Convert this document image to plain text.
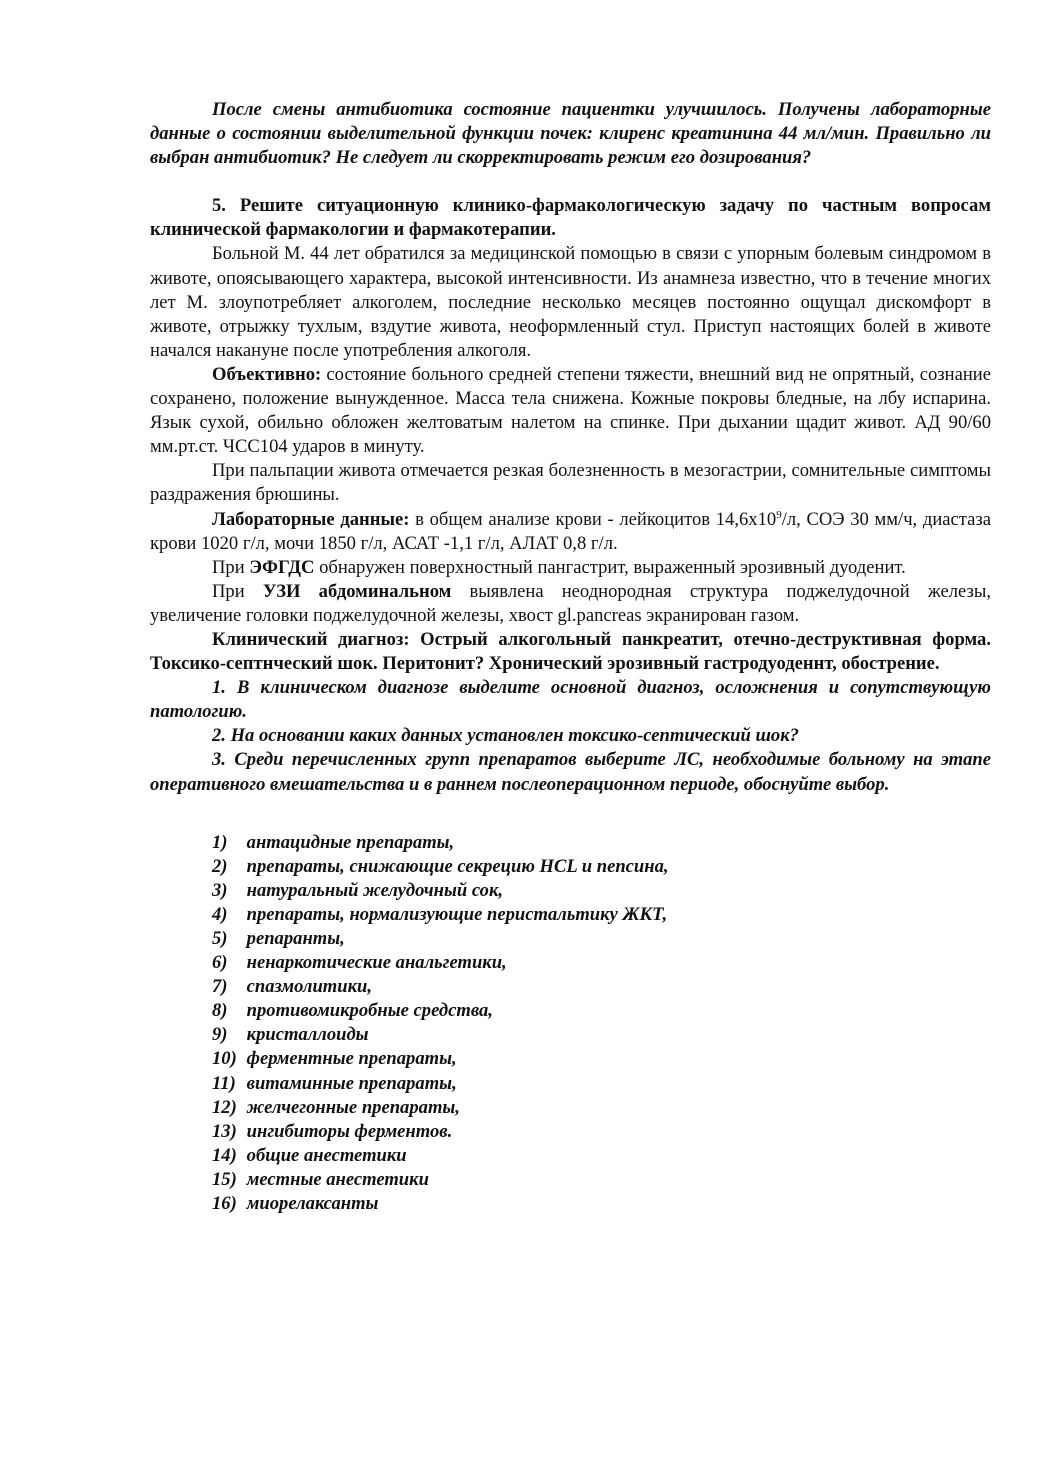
После смены антибиотика состояние пациентки улучшилось. Получены лабораторные данные о состоянии выделительной функции почек: клиренс креатинина 44 мл/мин. Правильно ли выбран антибиотик? Не следует ли скорректировать режим его дозирования?

5. Решите ситуационную клинико-фармакологическую задачу по частным вопросам клинической фармакологии и фармакотерапии.

Больной М. 44 лет обратился за медицинской помощью в связи с упорным болевым синдромом в животе, опоясывающего характера, высокой интенсивности. Из анамнеза известно, что в течение многих лет М. злоупотребляет алкоголем, последние несколько месяцев постоянно ощущал дискомфорт в животе, отрыжку тухлым, вздутие живота, неоформленный стул. Приступ настоящих болей в животе начался накануне после употребления алкоголя.

Объективно: состояние больного средней степени тяжести, внешний вид не опрятный, сознание сохранено, положение вынужденное. Масса тела снижена. Кожные покровы бледные, на лбу испарина. Язык сухой, обильно обложен желтоватым налетом на спинке. При дыхании щадит живот. АД 90/60 мм.рт.ст. ЧСС104 ударов в минуту.

При пальпации живота отмечается резкая болезненность в мезогастрии, сомнительные симптомы раздражения брюшины.

Лабораторные данные: в общем анализе крови - лейкоцитов $14,6х10^9/л$, СОЭ 30 мм/ч, диастаза крови 1020 г/л, мочи 1850 г/л, АСАТ -1,1 г/л, АЛАТ 0,8 г/л.

При ЭФГДС обнаружен поверхностный пангастрит, выраженный эрозивный дуоденит.

При УЗИ абдоминальном выявлена неоднородная структура поджелудочной железы, увеличение головки поджелудочной железы, хвост gl.pancreas экранирован газом.

Клинический диагноз: Острый алкогольный панкреатит, отечно-деструктивная форма. Токсико-септнческий шок. Перитонит? Хронический эрозивный гастродуоденнт, обострение.

1. В клиническом диагнозе выделите основной диагноз, осложнения и сопутствующую патологию.

2. На основании каких данных установлен токсико-септический шок?

3. Среди перечисленных групп препаратов выберите ЛС, необходимые больному на этапе оперативного вмешательства и в раннем послеоперационном периоде, обоснуйте выбор.

1) антацидные препараты,
2) препараты, снижающие секрецию HCL и пепсина,
3) натуральный желудочный сок,
4) препараты, нормализующие перистальтику ЖКТ,
5) репаранты,
6) ненаркотические анальгетики,
7) спазмолитики,
8) противомикробные средства,
9) кристаллоиды
10) ферментные препараты,
11) витаминные препараты,
12) желчегонные препараты,
13) ингибиторы ферментов.
14) общие анестетики
15) местные анестетики
16) миорелаксанты
